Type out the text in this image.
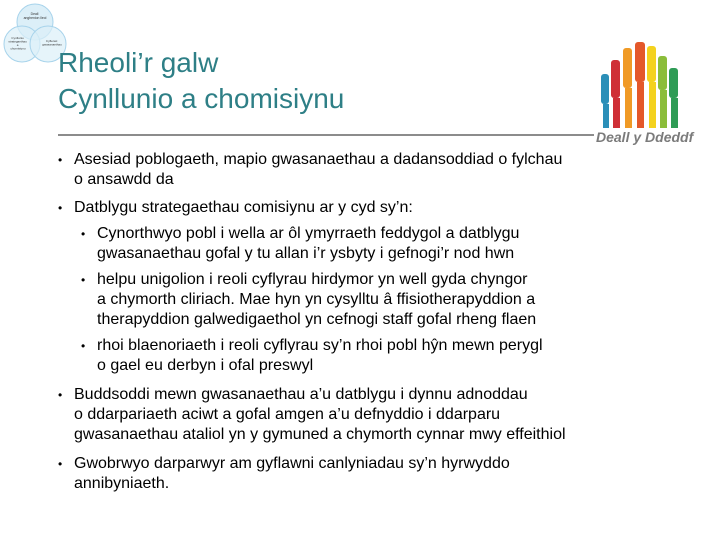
Deall anghenion lleol
Cynllunio strategaethau a chomisiynu
Cyflenwi gwasanaethau
Rheoli’r galw
Cynllunio a chomisiynu
Deall y Ddeddf
• Asesiad poblogaeth, mapio gwasanaethau a dadansoddiad o fylchau
o ansawdd da
• Datblygu strategaethau comisiynu ar y cyd sy’n:
• Cynorthwyo pobl i wella ar ôl ymyrraeth feddygol a datblygu
gwasanaethau gofal y tu allan i’r ysbyty i gefnogi’r nod hwn
• helpu unigolion i reoli cyflyrau hirdymor yn well gyda chyngor
a chymorth cliriach. Mae hyn yn cysylltu â ffisiotherapyddion a
therapyddion galwedigaethol yn cefnogi staff gofal rheng flaen
• rhoi blaenoriaeth i reoli cyflyrau sy’n rhoi pobl hŷn mewn perygl
o gael eu derbyn i ofal preswyl
• Buddsoddi mewn gwasanaethau a’u datblygu i dynnu adnoddau
o ddarpariaeth aciwt a gofal amgen a’u defnyddio i ddarparu
gwasanaethau ataliol yn y gymuned a chymorth cynnar mwy effeithiol
• Gwobrwyo darparwyr am gyflawni canlyniadau sy’n hyrwyddo
annibyniaeth.
